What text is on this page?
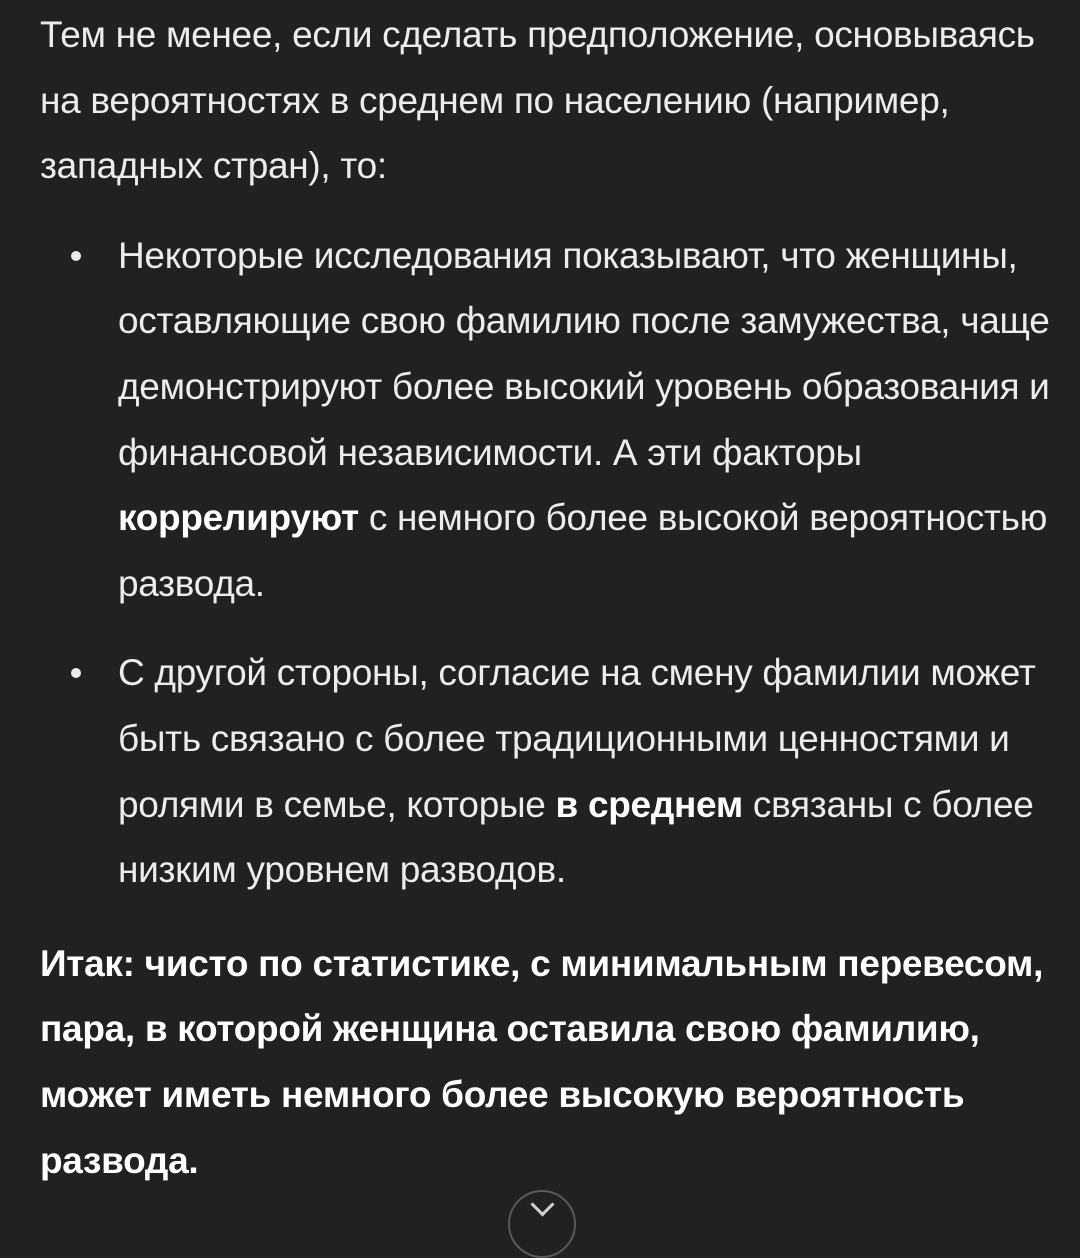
Тем не менее, если сделать предположение, основываясь на вероятностях в среднем по населению (например, западных стран), то:

Некоторые исследования показывают, что женщины, оставляющие свою фамилию после замужества, чаще демонстрируют более высокий уровень образования и финансовой независимости. А эти факторы коррелируют с немного более высокой вероятностью развода.
С другой стороны, согласие на смену фамилии может быть связано с более традиционными ценностями и ролями в семье, которые в среднем связаны с более низким уровнем разводов.

Итак: чисто по статистике, с минимальным перевесом, пара, в которой женщина оставила свою фамилию, может иметь немного более высокую вероятность развода.
